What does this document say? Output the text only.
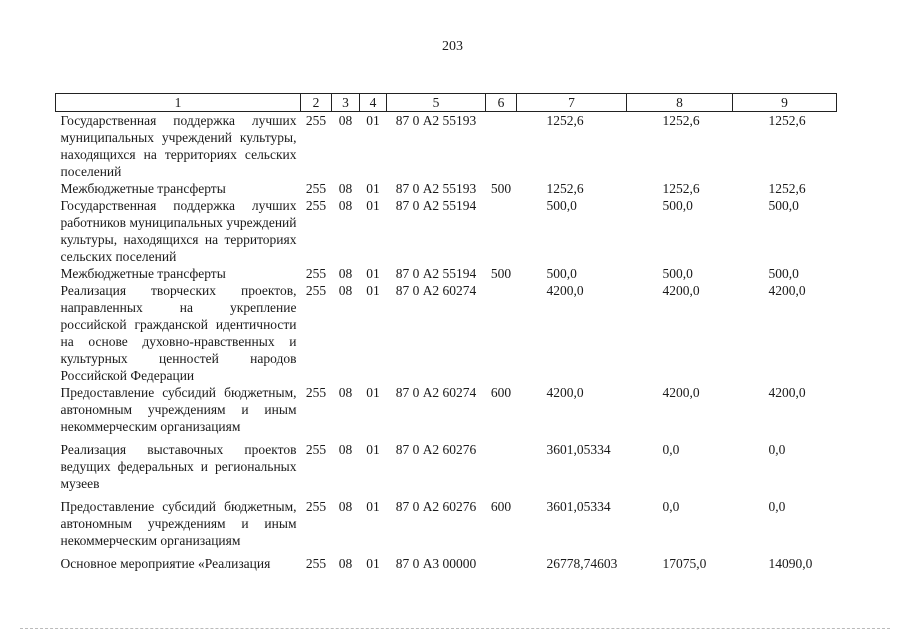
203
1	2	3	4	5	6	7	8	9
Государственная поддержка лучших муниципальных учреждений культуры, находящихся на территориях сельских поселений	255	08	01	87 0 А2 55193		1252,6	1252,6	1252,6
Межбюджетные трансферты	255	08	01	87 0 А2 55193	500	1252,6	1252,6	1252,6
Государственная поддержка лучших работников муниципальных учреждений культуры, находящихся на территориях сельских поселений	255	08	01	87 0 А2 55194		500,0	500,0	500,0
Межбюджетные трансферты	255	08	01	87 0 А2 55194	500	500,0	500,0	500,0
Реализация творческих проектов, направленных на укрепление российской гражданской идентичности на основе духовно-нравственных и культурных ценностей народов Российской Федерации	255	08	01	87 0 А2 60274		4200,0	4200,0	4200,0
Предоставление субсидий бюджетным, автономным учреждениям и иным некоммерческим организациям	255	08	01	87 0 А2 60274	600	4200,0	4200,0	4200,0
Реализация выставочных проектов ведущих федеральных и региональных музеев	255	08	01	87 0 А2 60276		3601,05334	0,0	0,0
Предоставление субсидий бюджетным, автономным учреждениям и иным некоммерческим организациям	255	08	01	87 0 А2 60276	600	3601,05334	0,0	0,0
Основное мероприятие «Реализация	255	08	01	87 0 А3 00000		26778,74603	17075,0	14090,0
